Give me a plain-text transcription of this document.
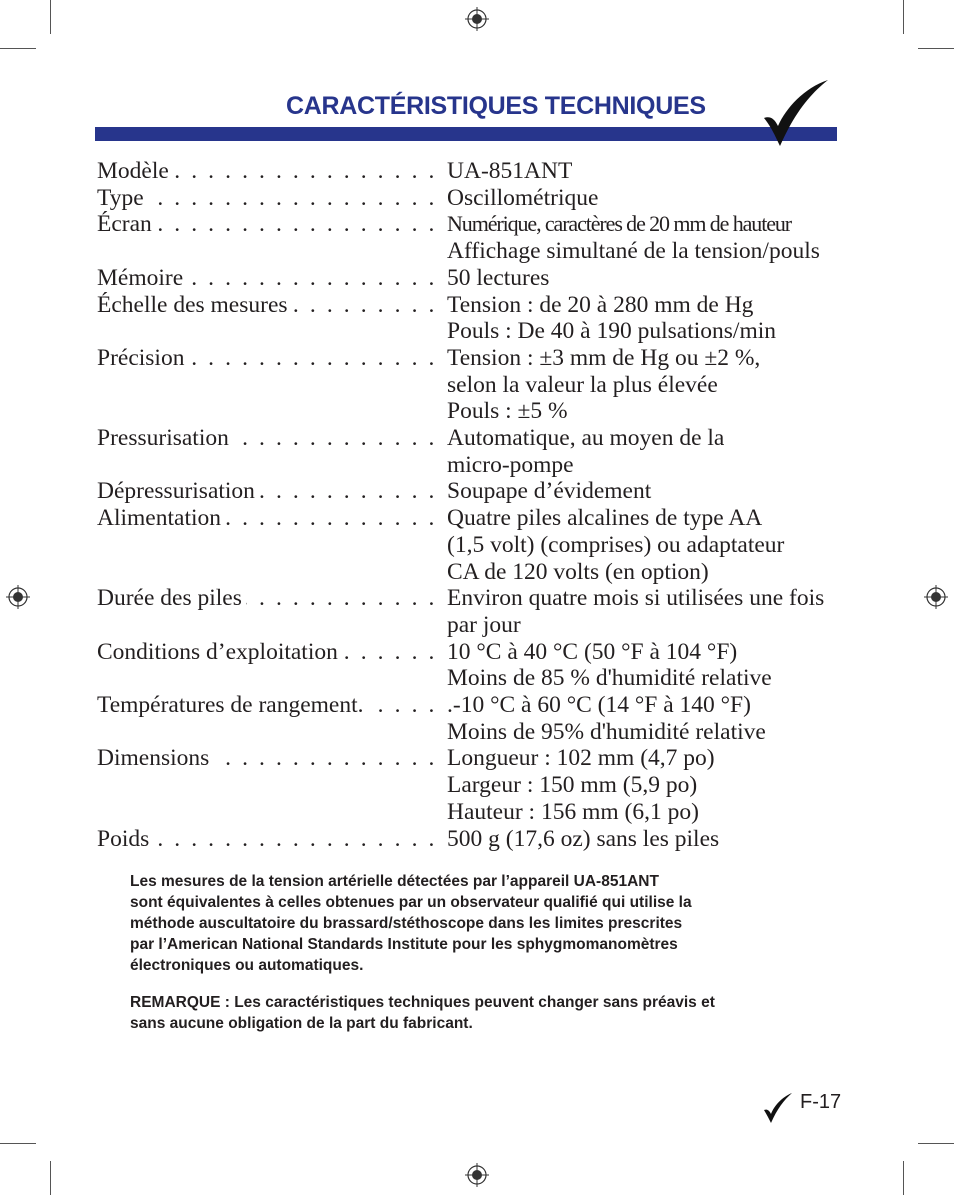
CARACTÉRISTIQUES TECHNIQUES
Modèle . . .	UA-851ANT
Type . . .	Oscillométrique
Écran . . .	Numérique, caractères de 20 mm de hauteur
Affichage simultané de la tension/pouls
Mémoire . . .	50 lectures
Échelle des mesures . . .	Tension : de 20 à 280 mm de Hg
Pouls : De 40 à 190 pulsations/min
Précision . . .	Tension : ±3 mm de Hg ou ±2 %,
selon la valeur la plus élevée
Pouls : ±5 %
Pressurisation . . .	Automatique, au moyen de la
micro-pompe
Dépressurisation . . .	Soupape d’évidement
Alimentation . . .	Quatre piles alcalines de type AA
(1,5 volt) (comprises) ou adaptateur
CA de 120 volts (en option)
Durée des piles . . .	Environ quatre mois si utilisées une fois
par jour
Conditions d’exploitation . . .	10 °C à 40 °C (50 °F à 104 °F)
Moins de 85 % d'humidité relative
Températures de rangement. . . .	.-10 °C à 60 °C (14 °F à 140 °F)
Moins de 95% d'humidité relative
Dimensions . . .	Longueur : 102 mm (4,7 po)
Largeur : 150 mm (5,9 po)
Hauteur : 156 mm (6,1 po)
Poids . . .	500 g (17,6 oz) sans les piles
Les mesures de la tension artérielle détectées par l’appareil UA-851ANT
sont équivalentes à celles obtenues par un observateur qualifié qui utilise la
méthode auscultatoire du brassard/stéthoscope dans les limites prescrites
par l’American National Standards Institute pour les sphygmomanomètres
électroniques ou automatiques.
REMARQUE : Les caractéristiques techniques peuvent changer sans préavis et
sans aucune obligation de la part du fabricant.
F-17
